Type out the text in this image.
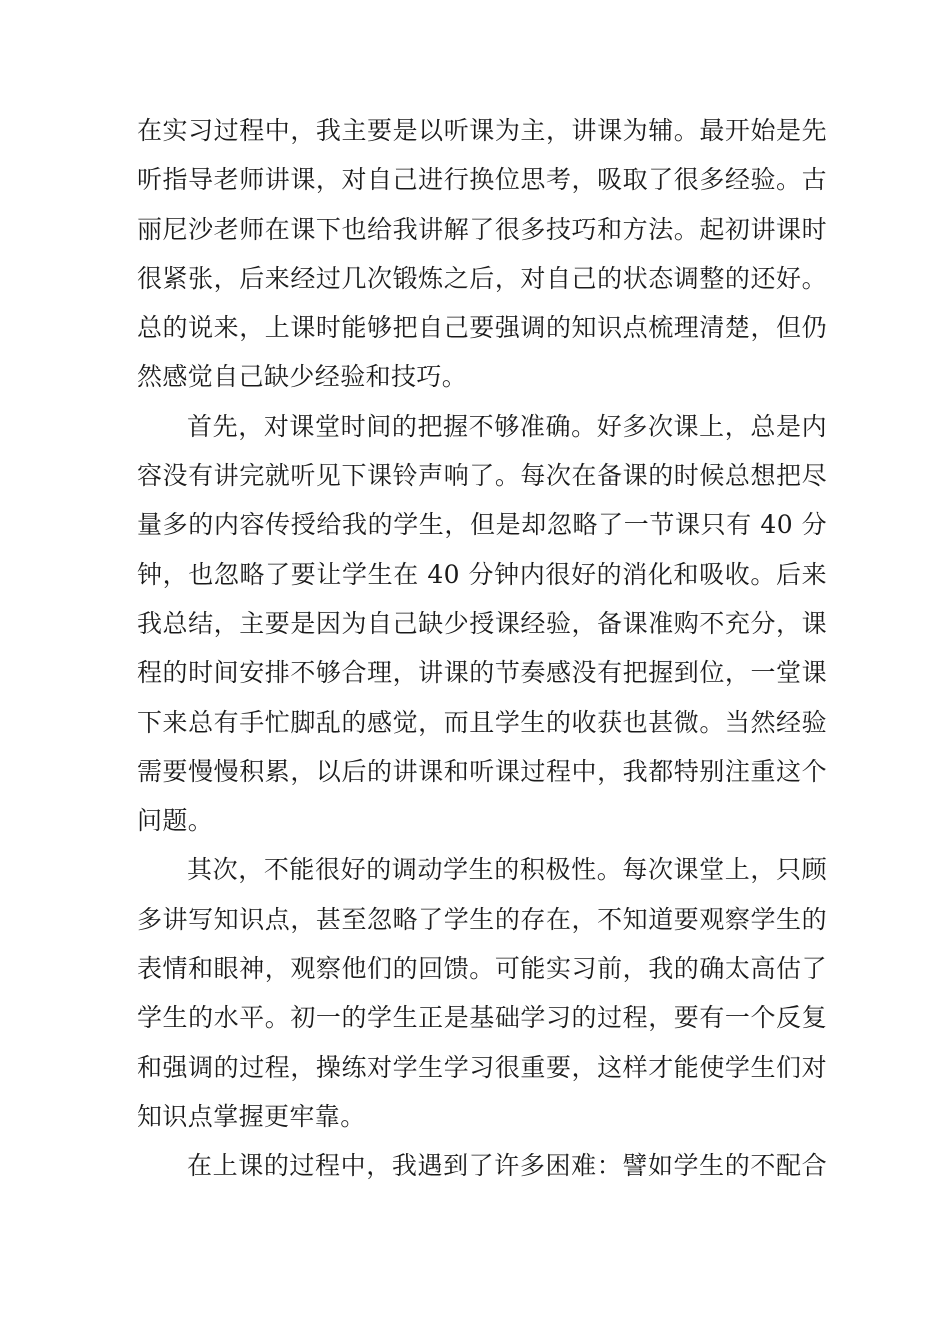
在实习过程中，我主要是以听课为主，讲课为辅。最开始是先
听指导老师讲课，对自己进行换位思考，吸取了很多经验。古
丽尼沙老师在课下也给我讲解了很多技巧和方法。起初讲课时
很紧张，后来经过几次锻炼之后，对自己的状态调整的还好。
总的说来，上课时能够把自己要强调的知识点梳理清楚，但仍
然感觉自己缺少经验和技巧。
首先，对课堂时间的把握不够准确。好多次课上，总是内
容没有讲完就听见下课铃声响了。每次在备课的时候总想把尽
量多的内容传授给我的学生，但是却忽略了一节课只有 40 分
钟，也忽略了要让学生在 40 分钟内很好的消化和吸收。后来
我总结，主要是因为自己缺少授课经验，备课准购不充分，课
程的时间安排不够合理，讲课的节奏感没有把握到位，一堂课
下来总有手忙脚乱的感觉，而且学生的收获也甚微。当然经验
需要慢慢积累，以后的讲课和听课过程中，我都特别注重这个
问题。
其次，不能很好的调动学生的积极性。每次课堂上，只顾
多讲写知识点，甚至忽略了学生的存在，不知道要观察学生的
表情和眼神，观察他们的回馈。可能实习前，我的确太高估了
学生的水平。初一的学生正是基础学习的过程，要有一个反复
和强调的过程，操练对学生学习很重要，这样才能使学生们对
知识点掌握更牢靠。
在上课的过程中，我遇到了许多困难：譬如学生的不配合
